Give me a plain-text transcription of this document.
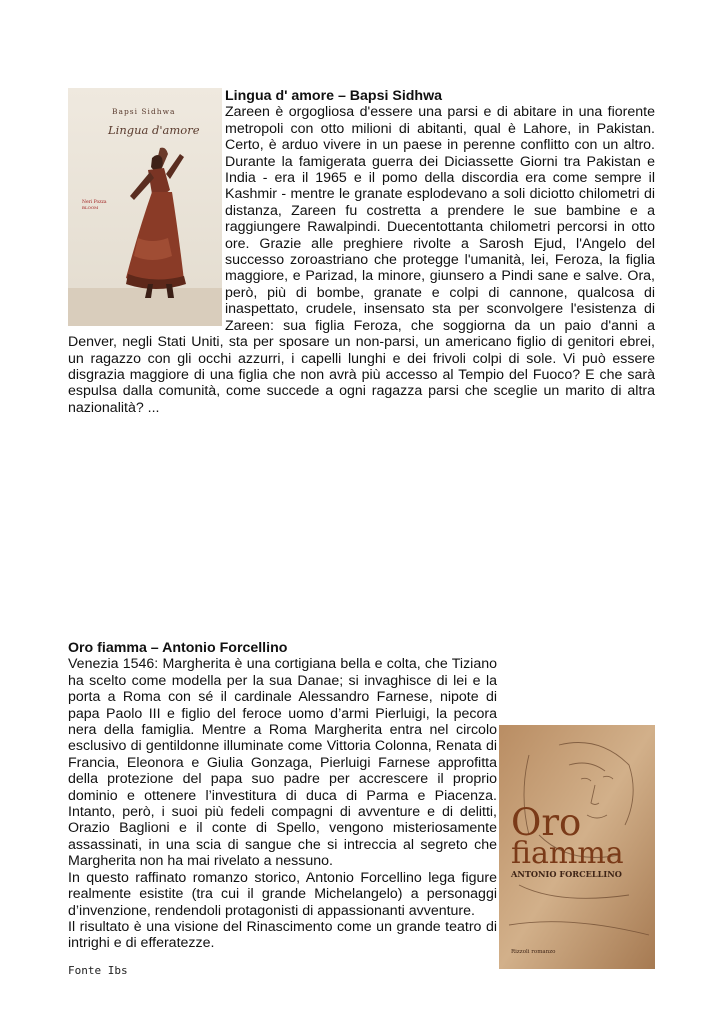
Bapsi Sidhwa
Lingua d'amore
Neri Pozza
BLOOM
Lingua d' amore – Bapsi Sidhwa
Zareen è orgogliosa d'essere una parsi e di abitare in una fiorente metropoli con otto milioni di abitanti, qual è Lahore, in Pakistan. Certo, è arduo vivere in un paese in perenne conflitto con un altro. Durante la famigerata guerra dei Diciassette Giorni tra Pakistan e India - era il 1965 e il pomo della discordia era come sempre il Kashmir - mentre le granate esplodevano a soli diciotto chilometri di distanza, Zareen fu costretta a prendere le sue bambine e a raggiungere Rawalpindi. Duecentottanta chilometri percorsi in otto ore. Grazie alle preghiere rivolte a Sarosh Ejud, l'Angelo del successo zoroastriano che protegge l'umanità, lei, Feroza, la figlia maggiore, e Parizad, la minore, giunsero a Pindi sane e salve. Ora, però, più di bombe, granate e colpi di cannone, qualcosa di inaspettato, crudele, insensato sta per sconvolgere l'esistenza di Zareen: sua figlia Feroza, che soggiorna da un paio d'anni a Denver, negli Stati Uniti, sta per sposare un non-parsi, un americano figlio di genitori ebrei, un ragazzo con gli occhi azzurri, i capelli lunghi e dei frivoli colpi di sole. Vi può essere disgrazia maggiore di una figlia che non avrà più accesso al Tempio del Fuoco? E che sarà espulsa dalla comunità, come succede a ogni ragazza parsi che sceglie un marito di altra nazionalità? ...
Oro fiamma – Antonio Forcellino
Oro
fiamma
ANTONIO FORCELLINO
Rizzoli romanzo
Venezia 1546: Margherita è una cortigiana bella e colta, che Tiziano ha scelto come modella per la sua Danae; si invaghisce di lei e la porta a Roma con sé il cardinale Alessandro Farnese, nipote di papa Paolo III e figlio del feroce uomo d’armi Pierluigi, la pecora nera della famiglia. Mentre a Roma Margherita entra nel circolo esclusivo di gentildonne illuminate come Vittoria Colonna, Renata di Francia, Eleonora e Giulia Gonzaga, Pierluigi Farnese approfitta della protezione del papa suo padre per accrescere il proprio dominio e ottenere l’investitura di duca di Parma e Piacenza. Intanto, però, i suoi più fedeli compagni di avventure e di delitti, Orazio Baglioni e il conte di Spello, vengono misteriosamente assassinati, in una scia di sangue che si intreccia al segreto che Margherita non ha mai rivelato a nessuno.
In questo raffinato romanzo storico, Antonio Forcellino lega figure realmente esistite (tra cui il grande Michelangelo) a personaggi d’invenzione, rendendoli protagonisti di appassionanti avventure.
Il risultato è una visione del Rinascimento come un grande teatro di intrighi e di efferatezze.
Fonte Ibs
